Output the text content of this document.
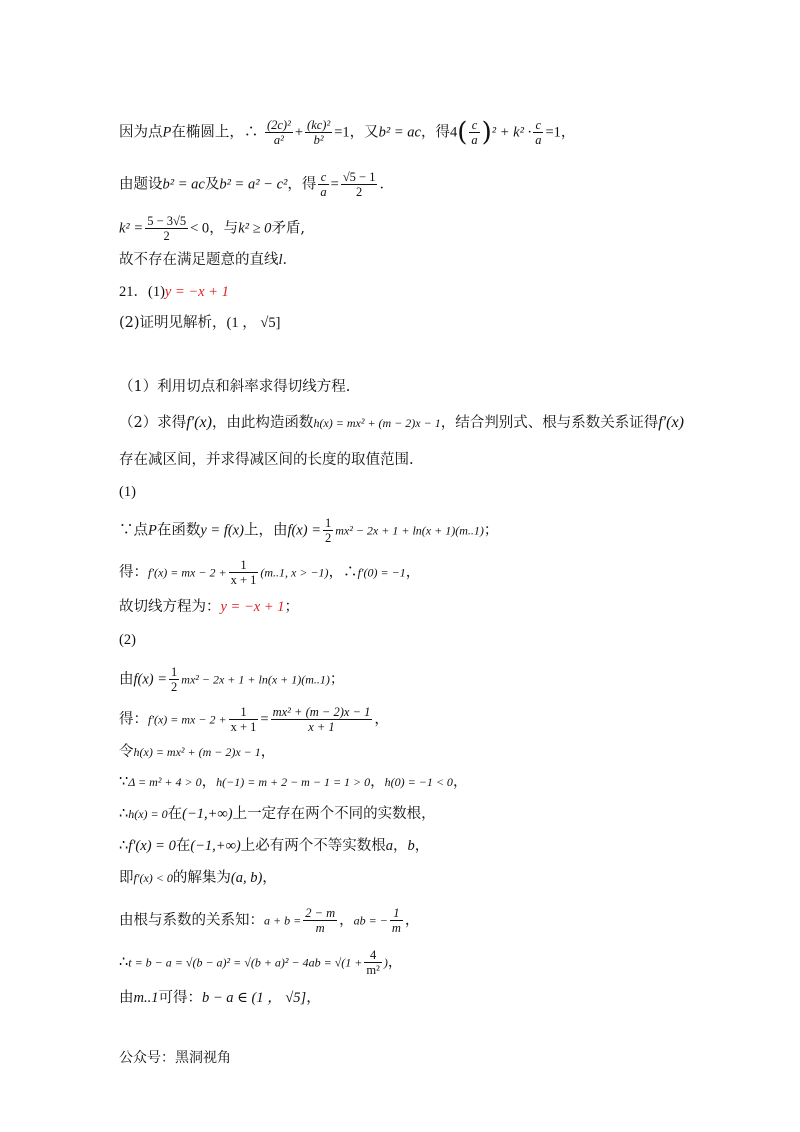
因为点P在椭圆上，∴ $\frac{\text{(2c)²}}{\text{a²}} + \frac{\text{(kc)²}}{\text{b²}} =1$，又b² = ac，得$4( \frac{c}{a} )^2 + k^2 \cdot \frac{c}{a} =1$，
由题设b² = ac及b² = a² − c²，得 $\frac{c}{a} = \frac{√5 - 1}{2}$ ．
$k^2 = \frac{5 - 3√5}{2} < 0$，与k² ≥ 0矛盾,
故不存在满足题意的直线l．
21．(1)y = −x + 1
(2)证明见解析，(1 ， √5]
（1）利用切点和斜率求得切线方程.
（2）求得f′(x)，由此构造函数h(x) = mx² + (m − 2)x − 1，结合判别式、根与系数关系证得f′(x)
存在减区间，并求得减区间的长度的取值范围.
(1)
∵点P在函数y = f(x)上，由$f(x) = \frac{1}{2} mx^2 - 2x + 1 + \ln(x + 1)(m..1)$；
得：f′(x) = mx − $2 + \frac{1}{x + 1} (m..1$, x > −1)，∴f′(0) = −1，
故切线方程为：y = −x + 1；
(2)
由$f(x) = \frac{1}{2} mx^2 - 2x + 1 + \ln(x + 1)(m..1)$；
得：f′(x) = mx − $2 + \frac{1}{x + 1} = \frac{\text{mx² + (m − 2)x − 1}}{x + 1}$ ，
令h(x) = mx² + (m − 2)x − 1，
∵Δ = m² + 4 > 0，h(−1) = m + 2 − m − 1 = 1 > 0，h(0) = −1 < 0，
∴h(x) = 0在(−1,+∞)上一定存在两个不同的实数根，
∴f′(x) = 0在(−1,+∞)上必有两个不等实数根a，b，
即f′(x) < 0的解集为(a, b)，
由根与系数的关系知：$a + b = \frac{2 - m}{m}$ ，ab = − $\frac{1}{m}$ ，
∴t = $b - a = √(b - a)^2 = √(b + a)^2 - 4ab = √(1 + \frac{4}{\text{m²}}$ )，
由m..1可得：b − a ∈ (1 ， √5]，
公众号：黑洞视角
